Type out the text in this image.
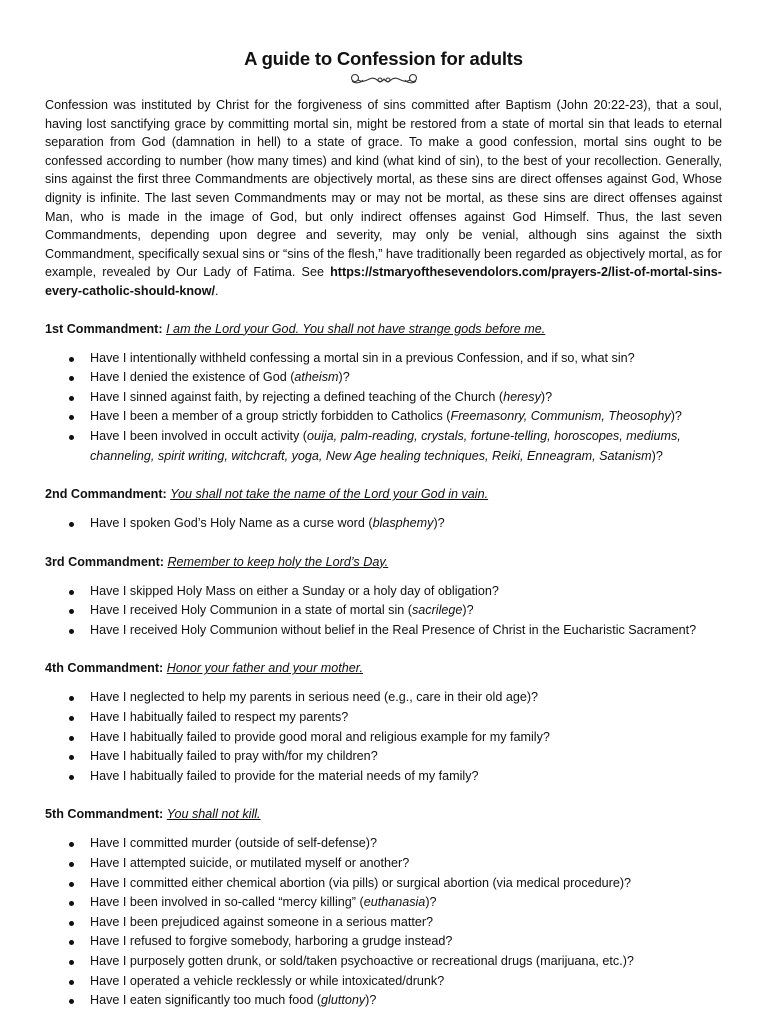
A guide to Confession for adults

Confession was instituted by Christ for the forgiveness of sins committed after Baptism (John 20:22-23), that a soul, having lost sanctifying grace by committing mortal sin, might be restored from a state of mortal sin that leads to eternal separation from God (damnation in hell) to a state of grace. To make a good confession, mortal sins ought to be confessed according to number (how many times) and kind (what kind of sin), to the best of your recollection. Generally, sins against the first three Commandments are objectively mortal, as these sins are direct offenses against God, Whose dignity is infinite. The last seven Commandments may or may not be mortal, as these sins are direct offenses against Man, who is made in the image of God, but only indirect offenses against God Himself. Thus, the last seven Commandments, depending upon degree and severity, may only be venial, although sins against the sixth Commandment, specifically sexual sins or “sins of the flesh,” have traditionally been regarded as objectively mortal, as for example, revealed by Our Lady of Fatima. See https://stmaryofthesevendolors.com/prayers-2/list-of-mortal-sins-every-catholic-should-know/.

1st Commandment: I am the Lord your God. You shall not have strange gods before me.

Have I intentionally withheld confessing a mortal sin in a previous Confession, and if so, what sin?
Have I denied the existence of God (atheism)?
Have I sinned against faith, by rejecting a defined teaching of the Church (heresy)?
Have I been a member of a group strictly forbidden to Catholics (Freemasonry, Communism, Theosophy)?
Have I been involved in occult activity (ouija, palm-reading, crystals, fortune-telling, horoscopes, mediums, channeling, spirit writing, witchcraft, yoga, New Age healing techniques, Reiki, Enneagram, Satanism)?

2nd Commandment: You shall not take the name of the Lord your God in vain.

Have I spoken God’s Holy Name as a curse word (blasphemy)?

3rd Commandment: Remember to keep holy the Lord’s Day.

Have I skipped Holy Mass on either a Sunday or a holy day of obligation?
Have I received Holy Communion in a state of mortal sin (sacrilege)?
Have I received Holy Communion without belief in the Real Presence of Christ in the Eucharistic Sacrament?

4th Commandment: Honor your father and your mother.

Have I neglected to help my parents in serious need (e.g., care in their old age)?
Have I habitually failed to respect my parents?
Have I habitually failed to provide good moral and religious example for my family?
Have I habitually failed to pray with/for my children?
Have I habitually failed to provide for the material needs of my family?

5th Commandment: You shall not kill.

Have I committed murder (outside of self-defense)?
Have I attempted suicide, or mutilated myself or another?
Have I committed either chemical abortion (via pills) or surgical abortion (via medical procedure)?
Have I been involved in so-called “mercy killing” (euthanasia)?
Have I been prejudiced against someone in a serious matter?
Have I refused to forgive somebody, harboring a grudge instead?
Have I purposely gotten drunk, or sold/taken psychoactive or recreational drugs (marijuana, etc.)?
Have I operated a vehicle recklessly or while intoxicated/drunk?
Have I eaten significantly too much food (gluttony)?
